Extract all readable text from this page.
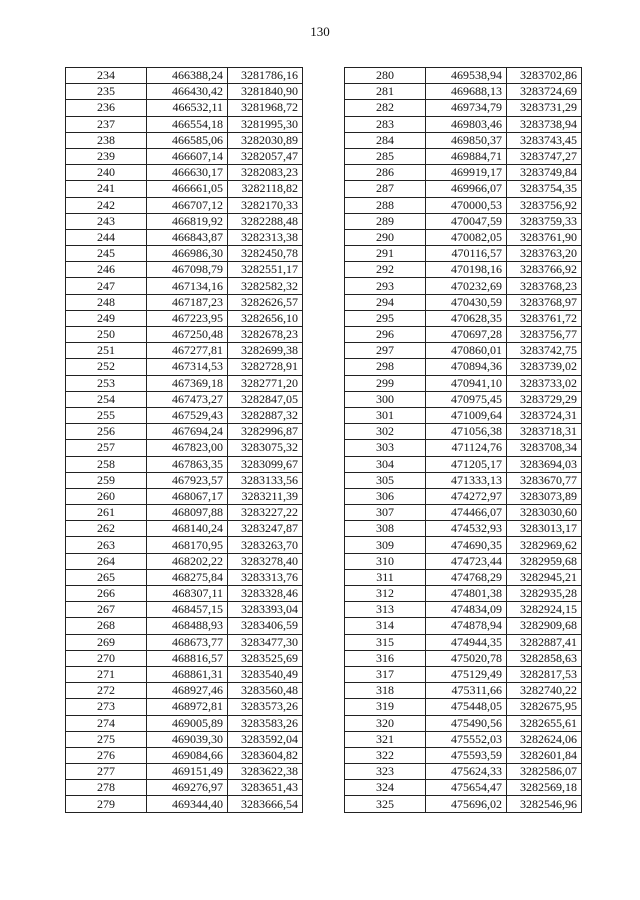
130
234	466388,24	3281786,16
235	466430,42	3281840,90
236	466532,11	3281968,72
237	466554,18	3281995,30
238	466585,06	3282030,89
239	466607,14	3282057,47
240	466630,17	3282083,23
241	466661,05	3282118,82
242	466707,12	3282170,33
243	466819,92	3282288,48
244	466843,87	3282313,38
245	466986,30	3282450,78
246	467098,79	3282551,17
247	467134,16	3282582,32
248	467187,23	3282626,57
249	467223,95	3282656,10
250	467250,48	3282678,23
251	467277,81	3282699,38
252	467314,53	3282728,91
253	467369,18	3282771,20
254	467473,27	3282847,05
255	467529,43	3282887,32
256	467694,24	3282996,87
257	467823,00	3283075,32
258	467863,35	3283099,67
259	467923,57	3283133,56
260	468067,17	3283211,39
261	468097,88	3283227,22
262	468140,24	3283247,87
263	468170,95	3283263,70
264	468202,22	3283278,40
265	468275,84	3283313,76
266	468307,11	3283328,46
267	468457,15	3283393,04
268	468488,93	3283406,59
269	468673,77	3283477,30
270	468816,57	3283525,69
271	468861,31	3283540,49
272	468927,46	3283560,48
273	468972,81	3283573,26
274	469005,89	3283583,26
275	469039,30	3283592,04
276	469084,66	3283604,82
277	469151,49	3283622,38
278	469276,97	3283651,43
279	469344,40	3283666,54
280	469538,94	3283702,86
281	469688,13	3283724,69
282	469734,79	3283731,29
283	469803,46	3283738,94
284	469850,37	3283743,45
285	469884,71	3283747,27
286	469919,17	3283749,84
287	469966,07	3283754,35
288	470000,53	3283756,92
289	470047,59	3283759,33
290	470082,05	3283761,90
291	470116,57	3283763,20
292	470198,16	3283766,92
293	470232,69	3283768,23
294	470430,59	3283768,97
295	470628,35	3283761,72
296	470697,28	3283756,77
297	470860,01	3283742,75
298	470894,36	3283739,02
299	470941,10	3283733,02
300	470975,45	3283729,29
301	471009,64	3283724,31
302	471056,38	3283718,31
303	471124,76	3283708,34
304	471205,17	3283694,03
305	471333,13	3283670,77
306	474272,97	3283073,89
307	474466,07	3283030,60
308	474532,93	3283013,17
309	474690,35	3282969,62
310	474723,44	3282959,68
311	474768,29	3282945,21
312	474801,38	3282935,28
313	474834,09	3282924,15
314	474878,94	3282909,68
315	474944,35	3282887,41
316	475020,78	3282858,63
317	475129,49	3282817,53
318	475311,66	3282740,22
319	475448,05	3282675,95
320	475490,56	3282655,61
321	475552,03	3282624,06
322	475593,59	3282601,84
323	475624,33	3282586,07
324	475654,47	3282569,18
325	475696,02	3282546,96
